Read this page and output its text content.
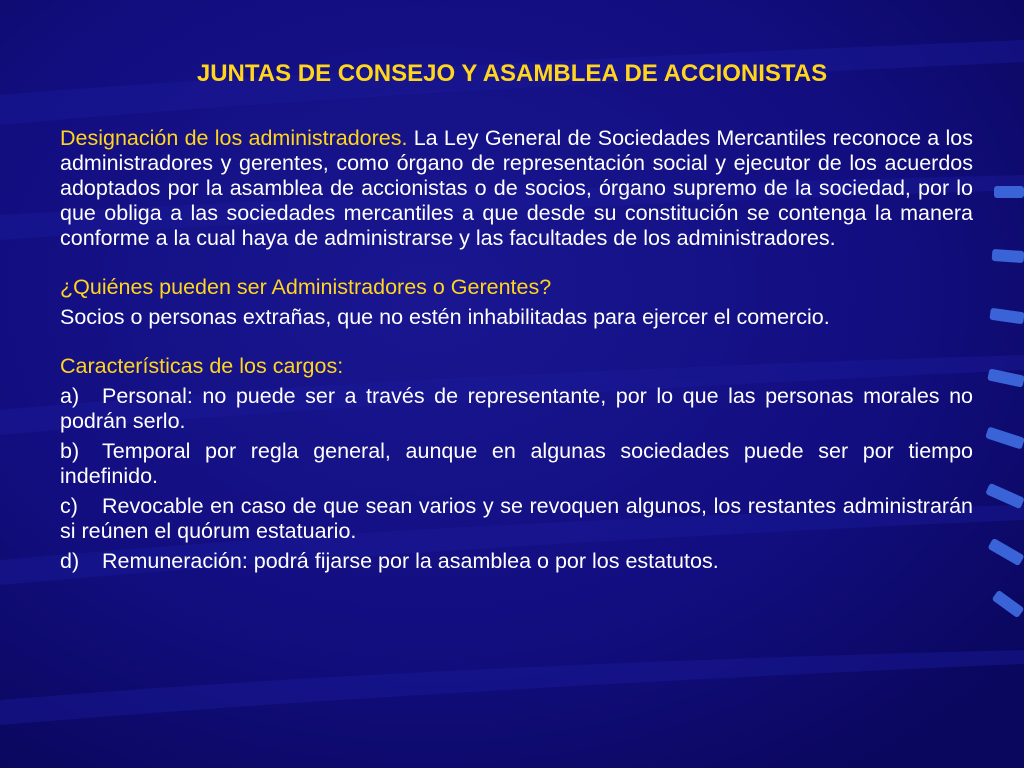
JUNTAS DE CONSEJO Y ASAMBLEA DE ACCIONISTAS

Designación de los administradores. La Ley General de Sociedades Mercantiles reconoce a los administradores y gerentes, como órgano de representación social y ejecutor de los acuerdos adoptados por la asamblea de accionistas o de socios, órgano supremo de la sociedad, por lo que obliga a las sociedades mercantiles a que desde su constitución se contenga la manera conforme a la cual haya de administrarse y las facultades de los administradores.

¿Quiénes pueden ser Administradores o Gerentes?

Socios o personas extrañas, que no estén inhabilitadas para ejercer el comercio.

Características de los cargos:

a) Personal: no puede ser a través de representante, por lo que las personas morales no podrán serlo.

b) Temporal por regla general, aunque en algunas sociedades puede ser por tiempo indefinido.

c) Revocable en caso de que sean varios y se revoquen algunos, los restantes administrarán si reúnen el quórum estatuario.

d) Remuneración: podrá fijarse por la asamblea o por los estatutos.
